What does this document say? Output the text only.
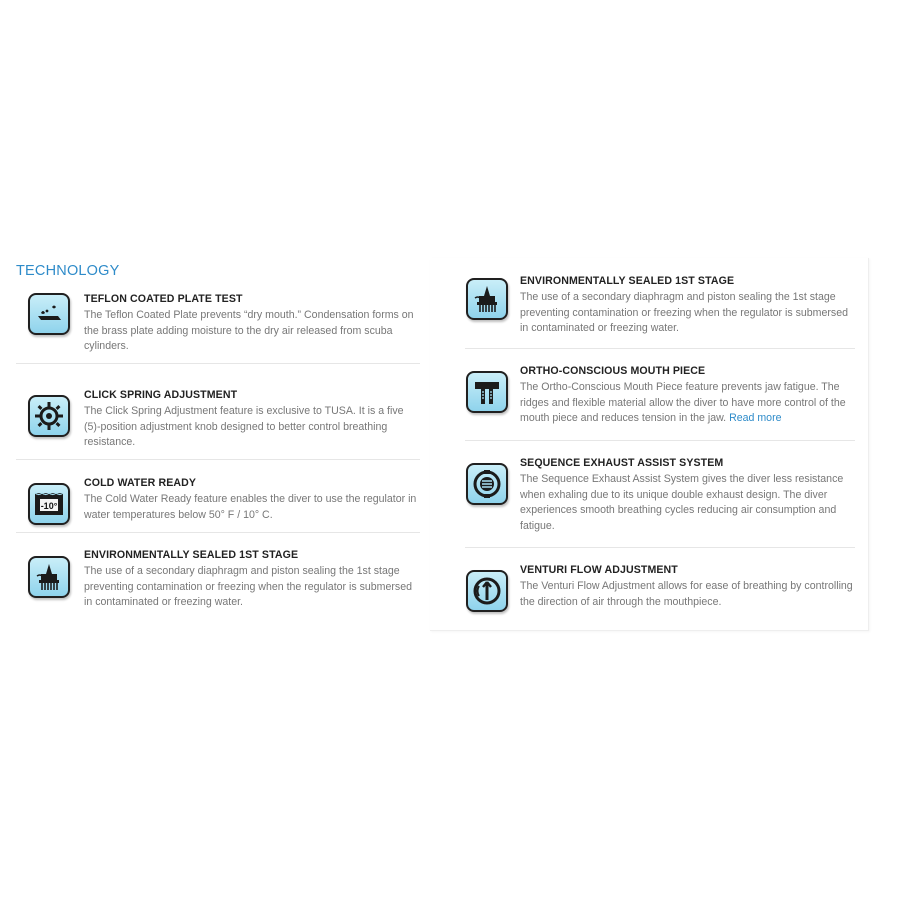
TECHNOLOGY
TEFLON COATED PLATE TEST
The Teflon Coated Plate prevents “dry mouth.” Condensation forms on the brass plate adding moisture to the dry air released from scuba cylinders.
CLICK SPRING ADJUSTMENT
The Click Spring Adjustment feature is exclusive to TUSA. It is a five (5)-position adjustment knob designed to better control breathing resistance.
-10°
COLD WATER READY
The Cold Water Ready feature enables the diver to use the regulator in water temperatures below 50° F / 10° C.
ENVIRONMENTALLY SEALED 1ST STAGE
The use of a secondary diaphragm and piston sealing the 1st stage preventing contamination or freezing when the regulator is submersed in contaminated or freezing water.
ENVIRONMENTALLY SEALED 1ST STAGE
The use of a secondary diaphragm and piston sealing the 1st stage preventing contamination or freezing when the regulator is submersed in contaminated or freezing water.
ORTHO-CONSCIOUS MOUTH PIECE
The Ortho-Conscious Mouth Piece feature prevents jaw fatigue. The ridges and flexible material allow the diver to have more control of the mouth piece and reduces tension in the jaw. Read more
SEQUENCE EXHAUST ASSIST SYSTEM
The Sequence Exhaust Assist System gives the diver less resistance when exhaling due to its unique double exhaust design. The diver experiences smooth breathing cycles reducing air consumption and fatigue.
VENTURI FLOW ADJUSTMENT
The Venturi Flow Adjustment allows for ease of breathing by controlling the direction of air through the mouthpiece.
